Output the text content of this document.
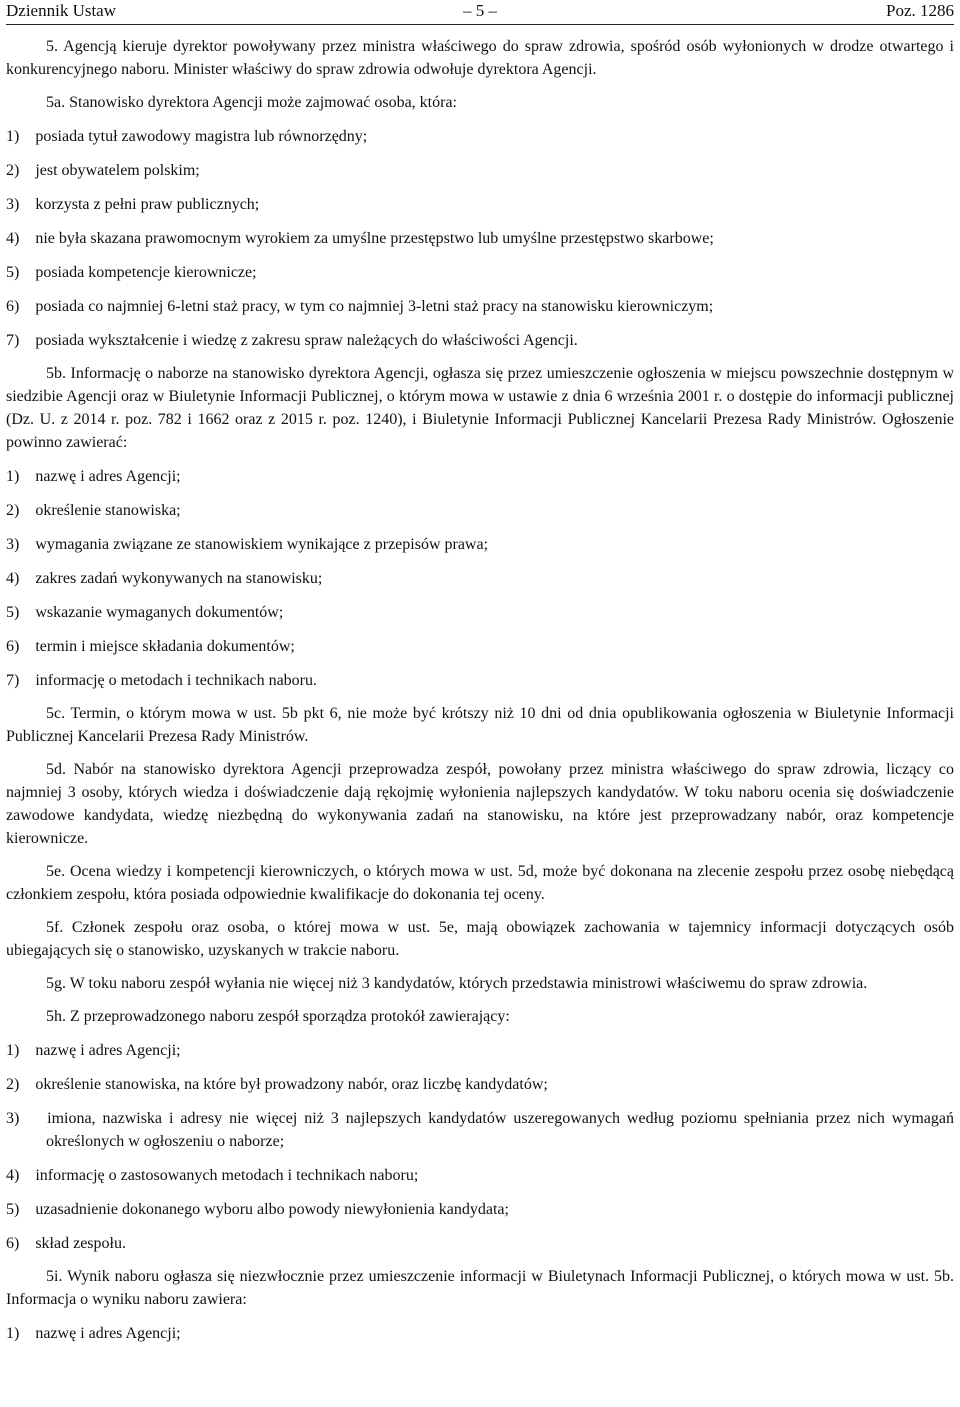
Dziennik Ustaw	– 5 –	Poz. 1286

5. Agencją kieruje dyrektor powoływany przez ministra właściwego do spraw zdrowia, spośród osób wyłonionych w drodze otwartego i konkurencyjnego naboru. Minister właściwy do spraw zdrowia odwołuje dyrektora Agencji.

5a. Stanowisko dyrektora Agencji może zajmować osoba, która:

1)    posiada tytuł zawodowy magistra lub równorzędny;

2)    jest obywatelem polskim;

3)    korzysta z pełni praw publicznych;

4)    nie była skazana prawomocnym wyrokiem za umyślne przestępstwo lub umyślne przestępstwo skarbowe;

5)    posiada kompetencje kierownicze;

6)    posiada co najmniej 6-letni staż pracy, w tym co najmniej 3-letni staż pracy na stanowisku kierowniczym;

7)    posiada wykształcenie i wiedzę z zakresu spraw należących do właściwości Agencji.

5b. Informację o naborze na stanowisko dyrektora Agencji, ogłasza się przez umieszczenie ogłoszenia w miejscu powszechnie dostępnym w siedzibie Agencji oraz w Biuletynie Informacji Publicznej, o którym mowa w ustawie z dnia 6 września 2001 r. o dostępie do informacji publicznej (Dz. U. z 2014 r. poz. 782 i 1662 oraz z 2015 r. poz. 1240), i Biuletynie Informacji Publicznej Kancelarii Prezesa Rady Ministrów. Ogłoszenie powinno zawierać:

1)    nazwę i adres Agencji;

2)    określenie stanowiska;

3)    wymagania związane ze stanowiskiem wynikające z przepisów prawa;

4)    zakres zadań wykonywanych na stanowisku;

5)    wskazanie wymaganych dokumentów;

6)    termin i miejsce składania dokumentów;

7)    informację o metodach i technikach naboru.

5c. Termin, o którym mowa w ust. 5b pkt 6, nie może być krótszy niż 10 dni od dnia opublikowania ogłoszenia w Biuletynie Informacji Publicznej Kancelarii Prezesa Rady Ministrów.

5d. Nabór na stanowisko dyrektora Agencji przeprowadza zespół, powołany przez ministra właściwego do spraw zdrowia, liczący co najmniej 3 osoby, których wiedza i doświadczenie dają rękojmię wyłonienia najlepszych kandydatów. W toku naboru ocenia się doświadczenie zawodowe kandydata, wiedzę niezbędną do wykonywania zadań na stanowisku, na które jest przeprowadzany nabór, oraz kompetencje kierownicze.

5e. Ocena wiedzy i kompetencji kierowniczych, o których mowa w ust. 5d, może być dokonana na zlecenie zespołu przez osobę niebędącą członkiem zespołu, która posiada odpowiednie kwalifikacje do dokonania tej oceny.

5f. Członek zespołu oraz osoba, o której mowa w ust. 5e, mają obowiązek zachowania w tajemnicy informacji dotyczących osób ubiegających się o stanowisko, uzyskanych w trakcie naboru.

5g. W toku naboru zespół wyłania nie więcej niż 3 kandydatów, których przedstawia ministrowi właściwemu do spraw zdrowia.

5h. Z przeprowadzonego naboru zespół sporządza protokół zawierający:

1)    nazwę i adres Agencji;

2)    określenie stanowiska, na które był prowadzony nabór, oraz liczbę kandydatów;

3)    imiona, nazwiska i adresy nie więcej niż 3 najlepszych kandydatów uszeregowanych według poziomu spełniania przez nich wymagań określonych w ogłoszeniu o naborze;

4)    informację o zastosowanych metodach i technikach naboru;

5)    uzasadnienie dokonanego wyboru albo powody niewyłonienia kandydata;

6)    skład zespołu.

5i. Wynik naboru ogłasza się niezwłocznie przez umieszczenie informacji w Biuletynach Informacji Publicznej, o których mowa w ust. 5b. Informacja o wyniku naboru zawiera:

1)    nazwę i adres Agencji;
